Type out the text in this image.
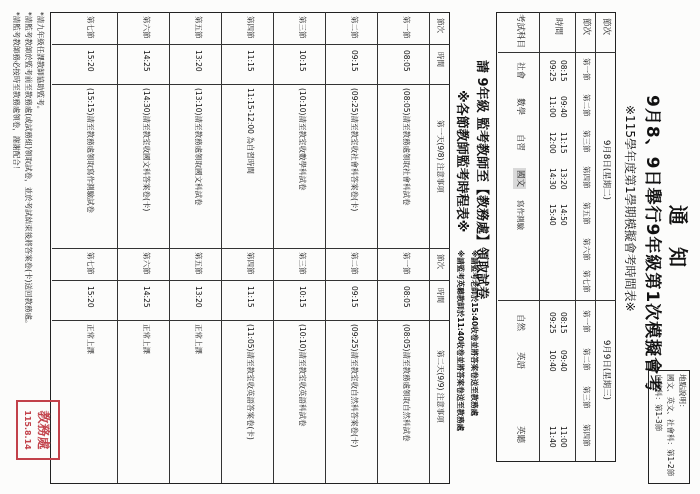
通　知
9月8、9日舉行9年級第1次模擬會考
※115學年度第1學期模擬會考時間表※
節次
節次
時間
考試科目
9月8日(星期二)
9月9日(星期三)
第一節
第二節
第三節
第四節
第五節
第六節
第七節
第一節
第二節
第三節
第四節
08:15
09:25
09:40
11:00
13:20
14:30
14:50
15:40
11:15
12:00
08:15
09:25
09:40
10:40
11:00
11:40
社會
數學
自習
國文
寫作測驗
自然
英語
英聽
地點說明：
國文、英文、社會科：第1-2節
自然科：第1-3節
請 9年級 監考教師至【教務處】領取試卷
※各節教師監考時程表※
節次
時間
第一天(9/8) 注意事項
節次
時間
第二天(9/9) 注意事項
第一節
08:05
(08:05)請至教務處領取社會科試卷
第二節
09:15
(09:25)請至教室收社會科答案卷(卡)
第三節
10:15
(10:10)請至教室收數學科試卷
第四節
11:15
11:15-12:00 為自習時間
第五節
13:20
(13:10)請至教務處領取國文科試卷
第六節
14:25
(14:30)請至教室收國文科答案卷(卡)
第七節
15:20
(15:15)請至教務處領取寫作測驗試卷
第一節
08:05
(08:05)請至教務處領取自然科試卷
第二節
09:15
(09:25)請至教室收自然科答案卷(卡)
第三節
10:15
(10:10)請至教室收英語科試卷
第四節
11:15
(11:05)請至教室收英語答案卷(卡)
第五節
13:20
正常上課
第六節
14:25
正常上課
第七節
15:20
正常上課	※請監考老師於15:40收卷並將答案卷送至教務處
※請監考英聽教師於11:40收卷並將答案卷送至教務處
*請九年級任課教師協助監考。
*請監考教師於監考前至教務處(或試務組)領取試卷，並於考試結束後將答案卷(卡)送回教務處。
*請監考教師務必按時至教務處領卷，謝謝配合！
教務處
115.8.14
